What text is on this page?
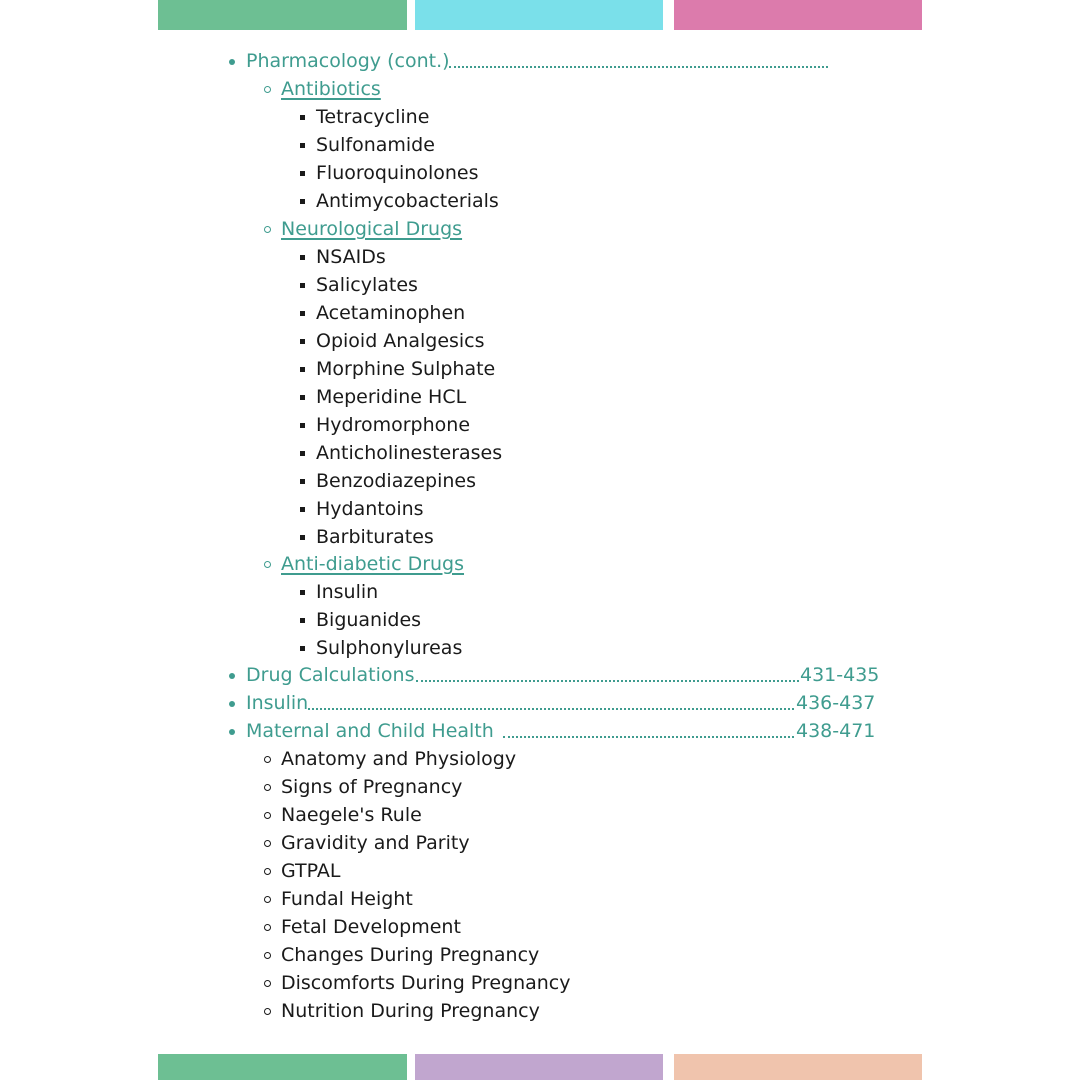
Pharmacology (cont.)
Antibiotics
Tetracycline
Sulfonamide
Fluoroquinolones
Antimycobacterials
Neurological Drugs
NSAIDs
Salicylates
Acetaminophen
Opioid Analgesics
Morphine Sulphate
Meperidine HCL
Hydromorphone
Anticholinesterases
Benzodiazepines
Hydantoins
Barbiturates
Anti-diabetic Drugs
Insulin
Biguanides
Sulphonylureas
Drug Calculations	431-435
Insulin	436-437
Maternal and Child Health	438-471
Anatomy and Physiology
Signs of Pregnancy
Naegele's Rule
Gravidity and Parity
GTPAL
Fundal Height
Fetal Development
Changes During Pregnancy
Discomforts During Pregnancy
Nutrition During Pregnancy
